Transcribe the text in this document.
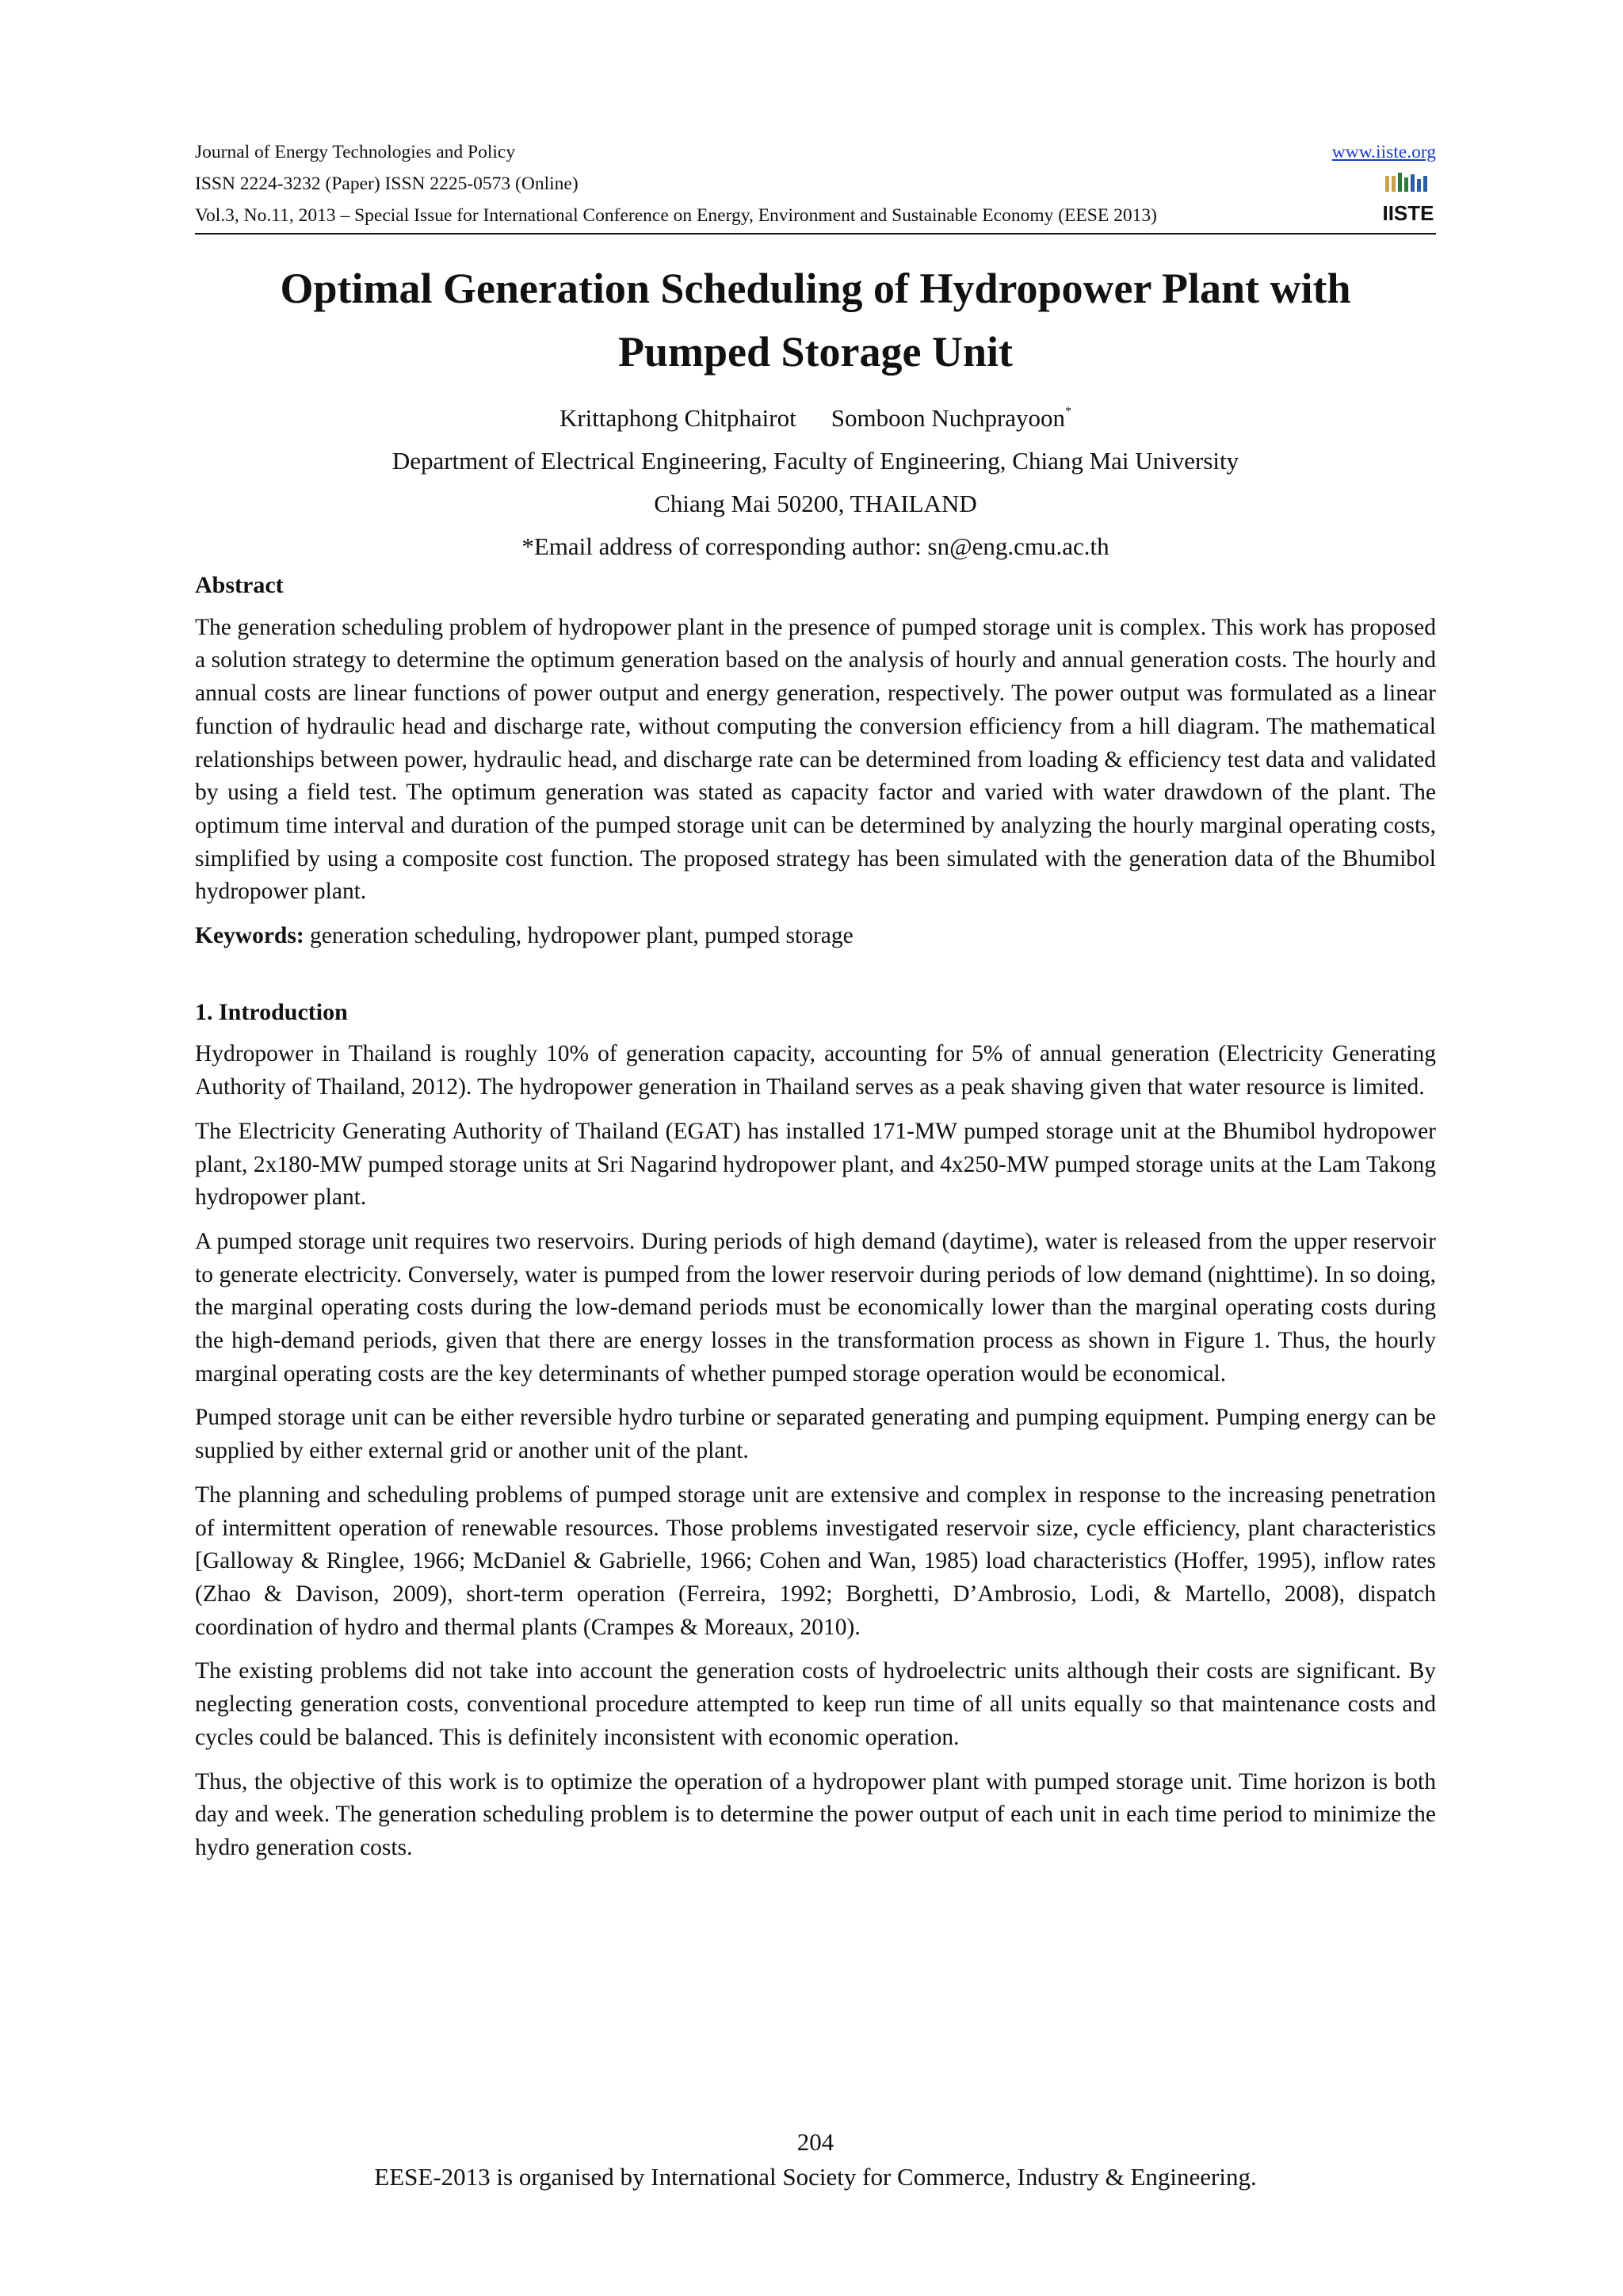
Journal of Energy Technologies and Policy
ISSN 2224-3232 (Paper) ISSN 2225-0573 (Online)
Vol.3, No.11, 2013 – Special Issue for International Conference on Energy, Environment and Sustainable Economy (EESE 2013)
www.iiste.org
IISTE
Optimal Generation Scheduling of Hydropower Plant with
Pumped Storage Unit
Krittaphong Chitphairot Somboon Nuchprayoon*
Department of Electrical Engineering, Faculty of Engineering, Chiang Mai University
Chiang Mai 50200, THAILAND
*Email address of corresponding author: sn@eng.cmu.ac.th
Abstract

The generation scheduling problem of hydropower plant in the presence of pumped storage unit is complex. This work has proposed a solution strategy to determine the optimum generation based on the analysis of hourly and annual generation costs. The hourly and annual costs are linear functions of power output and energy generation, respectively. The power output was formulated as a linear function of hydraulic head and discharge rate, without computing the conversion efficiency from a hill diagram. The mathematical relationships between power, hydraulic head, and discharge rate can be determined from loading & efficiency test data and validated by using a field test. The optimum generation was stated as capacity factor and varied with water drawdown of the plant. The optimum time interval and duration of the pumped storage unit can be determined by analyzing the hourly marginal operating costs, simplified by using a composite cost function. The proposed strategy has been simulated with the generation data of the Bhumibol hydropower plant.

Keywords: generation scheduling, hydropower plant, pumped storage

1. Introduction

Hydropower in Thailand is roughly 10% of generation capacity, accounting for 5% of annual generation (Electricity Generating Authority of Thailand, 2012). The hydropower generation in Thailand serves as a peak shaving given that water resource is limited.

The Electricity Generating Authority of Thailand (EGAT) has installed 171-MW pumped storage unit at the Bhumibol hydropower plant, 2x180-MW pumped storage units at Sri Nagarind hydropower plant, and 4x250-MW pumped storage units at the Lam Takong hydropower plant.

A pumped storage unit requires two reservoirs. During periods of high demand (daytime), water is released from the upper reservoir to generate electricity. Conversely, water is pumped from the lower reservoir during periods of low demand (nighttime). In so doing, the marginal operating costs during the low-demand periods must be economically lower than the marginal operating costs during the high-demand periods, given that there are energy losses in the transformation process as shown in Figure 1. Thus, the hourly marginal operating costs are the key determinants of whether pumped storage operation would be economical.

Pumped storage unit can be either reversible hydro turbine or separated generating and pumping equipment. Pumping energy can be supplied by either external grid or another unit of the plant.

The planning and scheduling problems of pumped storage unit are extensive and complex in response to the increasing penetration of intermittent operation of renewable resources. Those problems investigated reservoir size, cycle efficiency, plant characteristics [Galloway & Ringlee, 1966; McDaniel & Gabrielle, 1966; Cohen and Wan, 1985) load characteristics (Hoffer, 1995), inflow rates (Zhao & Davison, 2009), short-term operation (Ferreira, 1992; Borghetti, D’Ambrosio, Lodi, & Martello, 2008), dispatch coordination of hydro and thermal plants (Crampes & Moreaux, 2010).

The existing problems did not take into account the generation costs of hydroelectric units although their costs are significant. By neglecting generation costs, conventional procedure attempted to keep run time of all units equally so that maintenance costs and cycles could be balanced. This is definitely inconsistent with economic operation.

Thus, the objective of this work is to optimize the operation of a hydropower plant with pumped storage unit. Time horizon is both day and week. The generation scheduling problem is to determine the power output of each unit in each time period to minimize the hydro generation costs.

204
EESE-2013 is organised by International Society for Commerce, Industry & Engineering.
